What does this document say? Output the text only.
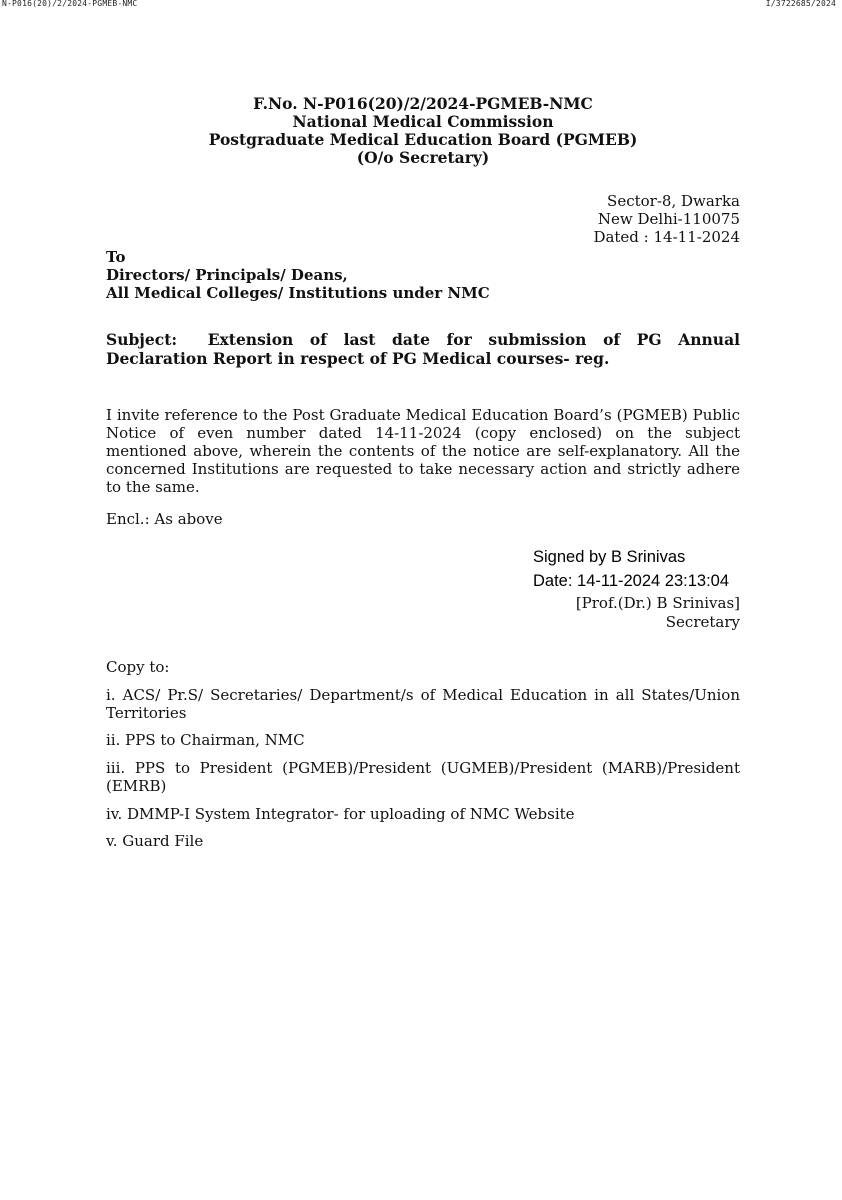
N-P016(20)/2/2024-PGMEB-NMC	I/3722685/2024
F.No. N-P016(20)/2/2024-PGMEB-NMC
National Medical Commission
Postgraduate Medical Education Board (PGMEB)
(O/o Secretary)
Sector-8, Dwarka
New Delhi-110075
Dated : 14-11-2024
To
Directors/ Principals/ Deans,
All Medical Colleges/ Institutions under NMC
Subject: Extension of last date for submission of PG Annual Declaration Report in respect of PG Medical courses- reg.
I invite reference to the Post Graduate Medical Education Board’s (PGMEB) Public Notice of even number dated 14-11-2024 (copy enclosed) on the subject mentioned above, wherein the contents of the notice are self-explanatory. All the concerned Institutions are requested to take necessary action and strictly adhere to the same.
Encl.: As above
Signed by B Srinivas
Date: 14-11-2024 23:13:04
[Prof.(Dr.) B Srinivas]
Secretary
Copy to:
i. ACS/ Pr.S/ Secretaries/ Department/s of Medical Education in all States/Union Territories
ii. PPS to Chairman, NMC
iii. PPS to President (PGMEB)/President (UGMEB)/President (MARB)/President (EMRB)
iv. DMMP-I System Integrator- for uploading of NMC Website
v. Guard File
